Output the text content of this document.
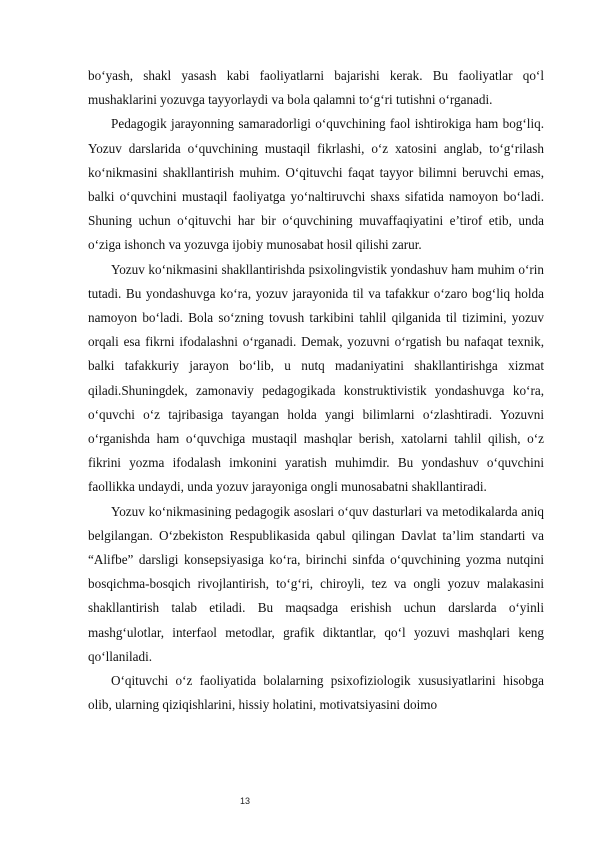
bo‘yash, shakl yasash kabi faoliyatlarni bajarishi kerak. Bu faoliyatlar qo‘l mushaklarini yozuvga tayyorlaydi va bola qalamni to‘g‘ri tutishni o‘rganadi.

Pedagogik jarayonning samaradorligi o‘quvchining faol ishtirokiga ham bog‘liq. Yozuv darslarida o‘quvchining mustaqil fikrlashi, o‘z xatosini anglab, to‘g‘rilash ko‘nikmasini shakllantirish muhim. O‘qituvchi faqat tayyor bilimni beruvchi emas, balki o‘quvchini mustaqil faoliyatga yo‘naltiruvchi shaxs sifatida namoyon bo‘ladi. Shuning uchun o‘qituvchi har bir o‘quvchining muvaffaqiyatini e’tirof etib, unda o‘ziga ishonch va yozuvga ijobiy munosabat hosil qilishi zarur.

Yozuv ko‘nikmasini shakllantirishda psixolingvistik yondashuv ham muhim o‘rin tutadi. Bu yondashuvga ko‘ra, yozuv jarayonida til va tafakkur o‘zaro bog‘liq holda namoyon bo‘ladi. Bola so‘zning tovush tarkibini tahlil qilganida til tizimini, yozuv orqali esa fikrni ifodalashni o‘rganadi. Demak, yozuvni o‘rgatish bu nafaqat texnik, balki tafakkuriy jarayon bo‘lib, u nutq madaniyatini shakllantirishga xizmat qiladi.Shuningdek, zamonaviy pedagogikada konstruktivistik yondashuvga ko‘ra, o‘quvchi o‘z tajribasiga tayangan holda yangi bilimlarni o‘zlashtiradi. Yozuvni o‘rganishda ham o‘quvchiga mustaqil mashqlar berish, xatolarni tahlil qilish, o‘z fikrini yozma ifodalash imkonini yaratish muhimdir. Bu yondashuv o‘quvchini faollikka undaydi, unda yozuv jarayoniga ongli munosabatni shakllantiradi.

Yozuv ko‘nikmasining pedagogik asoslari o‘quv dasturlari va metodikalarda aniq belgilangan. O‘zbekiston Respublikasida qabul qilingan Davlat ta’lim standarti va “Alifbe” darsligi konsepsiyasiga ko‘ra, birinchi sinfda o‘quvchining yozma nutqini bosqichma-bosqich rivojlantirish, to‘g‘ri, chiroyli, tez va ongli yozuv malakasini shakllantirish talab etiladi. Bu maqsadga erishish uchun darslarda o‘yinli mashg‘ulotlar, interfaol metodlar, grafik diktantlar, qo‘l yozuvi mashqlari keng qo‘llaniladi.

O‘qituvchi o‘z faoliyatida bolalarning psixofiziologik xususiyatlarini hisobga olib, ularning qiziqishlarini, hissiy holatini, motivatsiyasini doimo

13
